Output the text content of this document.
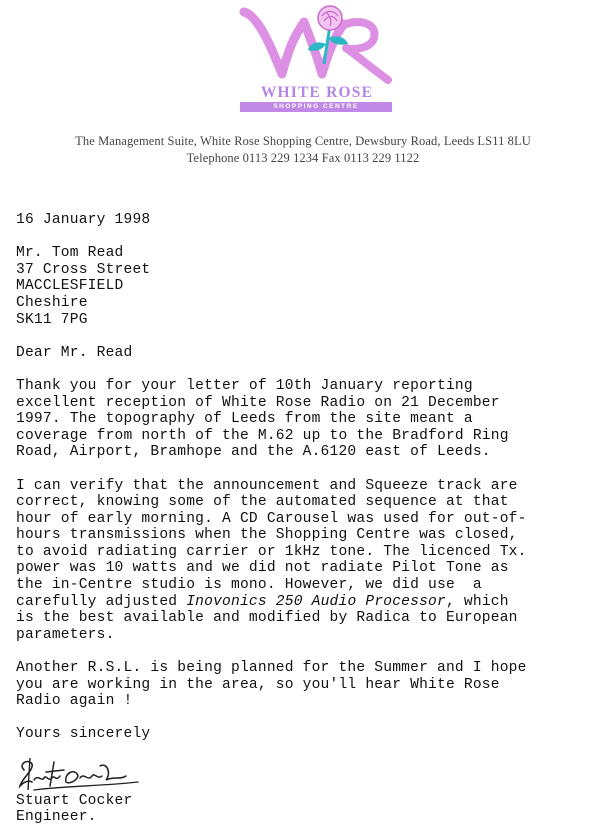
WHITE ROSE
SHOPPING CENTRE
The Management Suite, White Rose Shopping Centre, Dewsbury Road, Leeds LS11 8LU
Telephone 0113 229 1234 Fax 0113 229 1122
16 January 1998
Mr. Tom Read
37 Cross Street
MACCLESFIELD
Cheshire
SK11 7PG
Dear Mr. Read
Thank you for your letter of 10th January reporting
excellent reception of White Rose Radio on 21 December
1997. The topography of Leeds from the site meant a
coverage from north of the M.62 up to the Bradford Ring
Road, Airport, Bramhope and the A.6120 east of Leeds.
I can verify that the announcement and Squeeze track are
correct, knowing some of the automated sequence at that
hour of early morning. A CD Carousel was used for out-of-
hours transmissions when the Shopping Centre was closed,
to avoid radiating carrier or 1kHz tone. The licenced Tx.
power was 10 watts and we did not radiate Pilot Tone as
the in-Centre studio is mono. However, we did use  a
carefully adjusted Inovonics 250 Audio Processor, which
is the best available and modified by Radica to European
parameters.
Another R.S.L. is being planned for the Summer and I hope
you are working in the area, so you'll hear White Rose
Radio again !
Yours sincerely
Stuart Cocker
Engineer.
